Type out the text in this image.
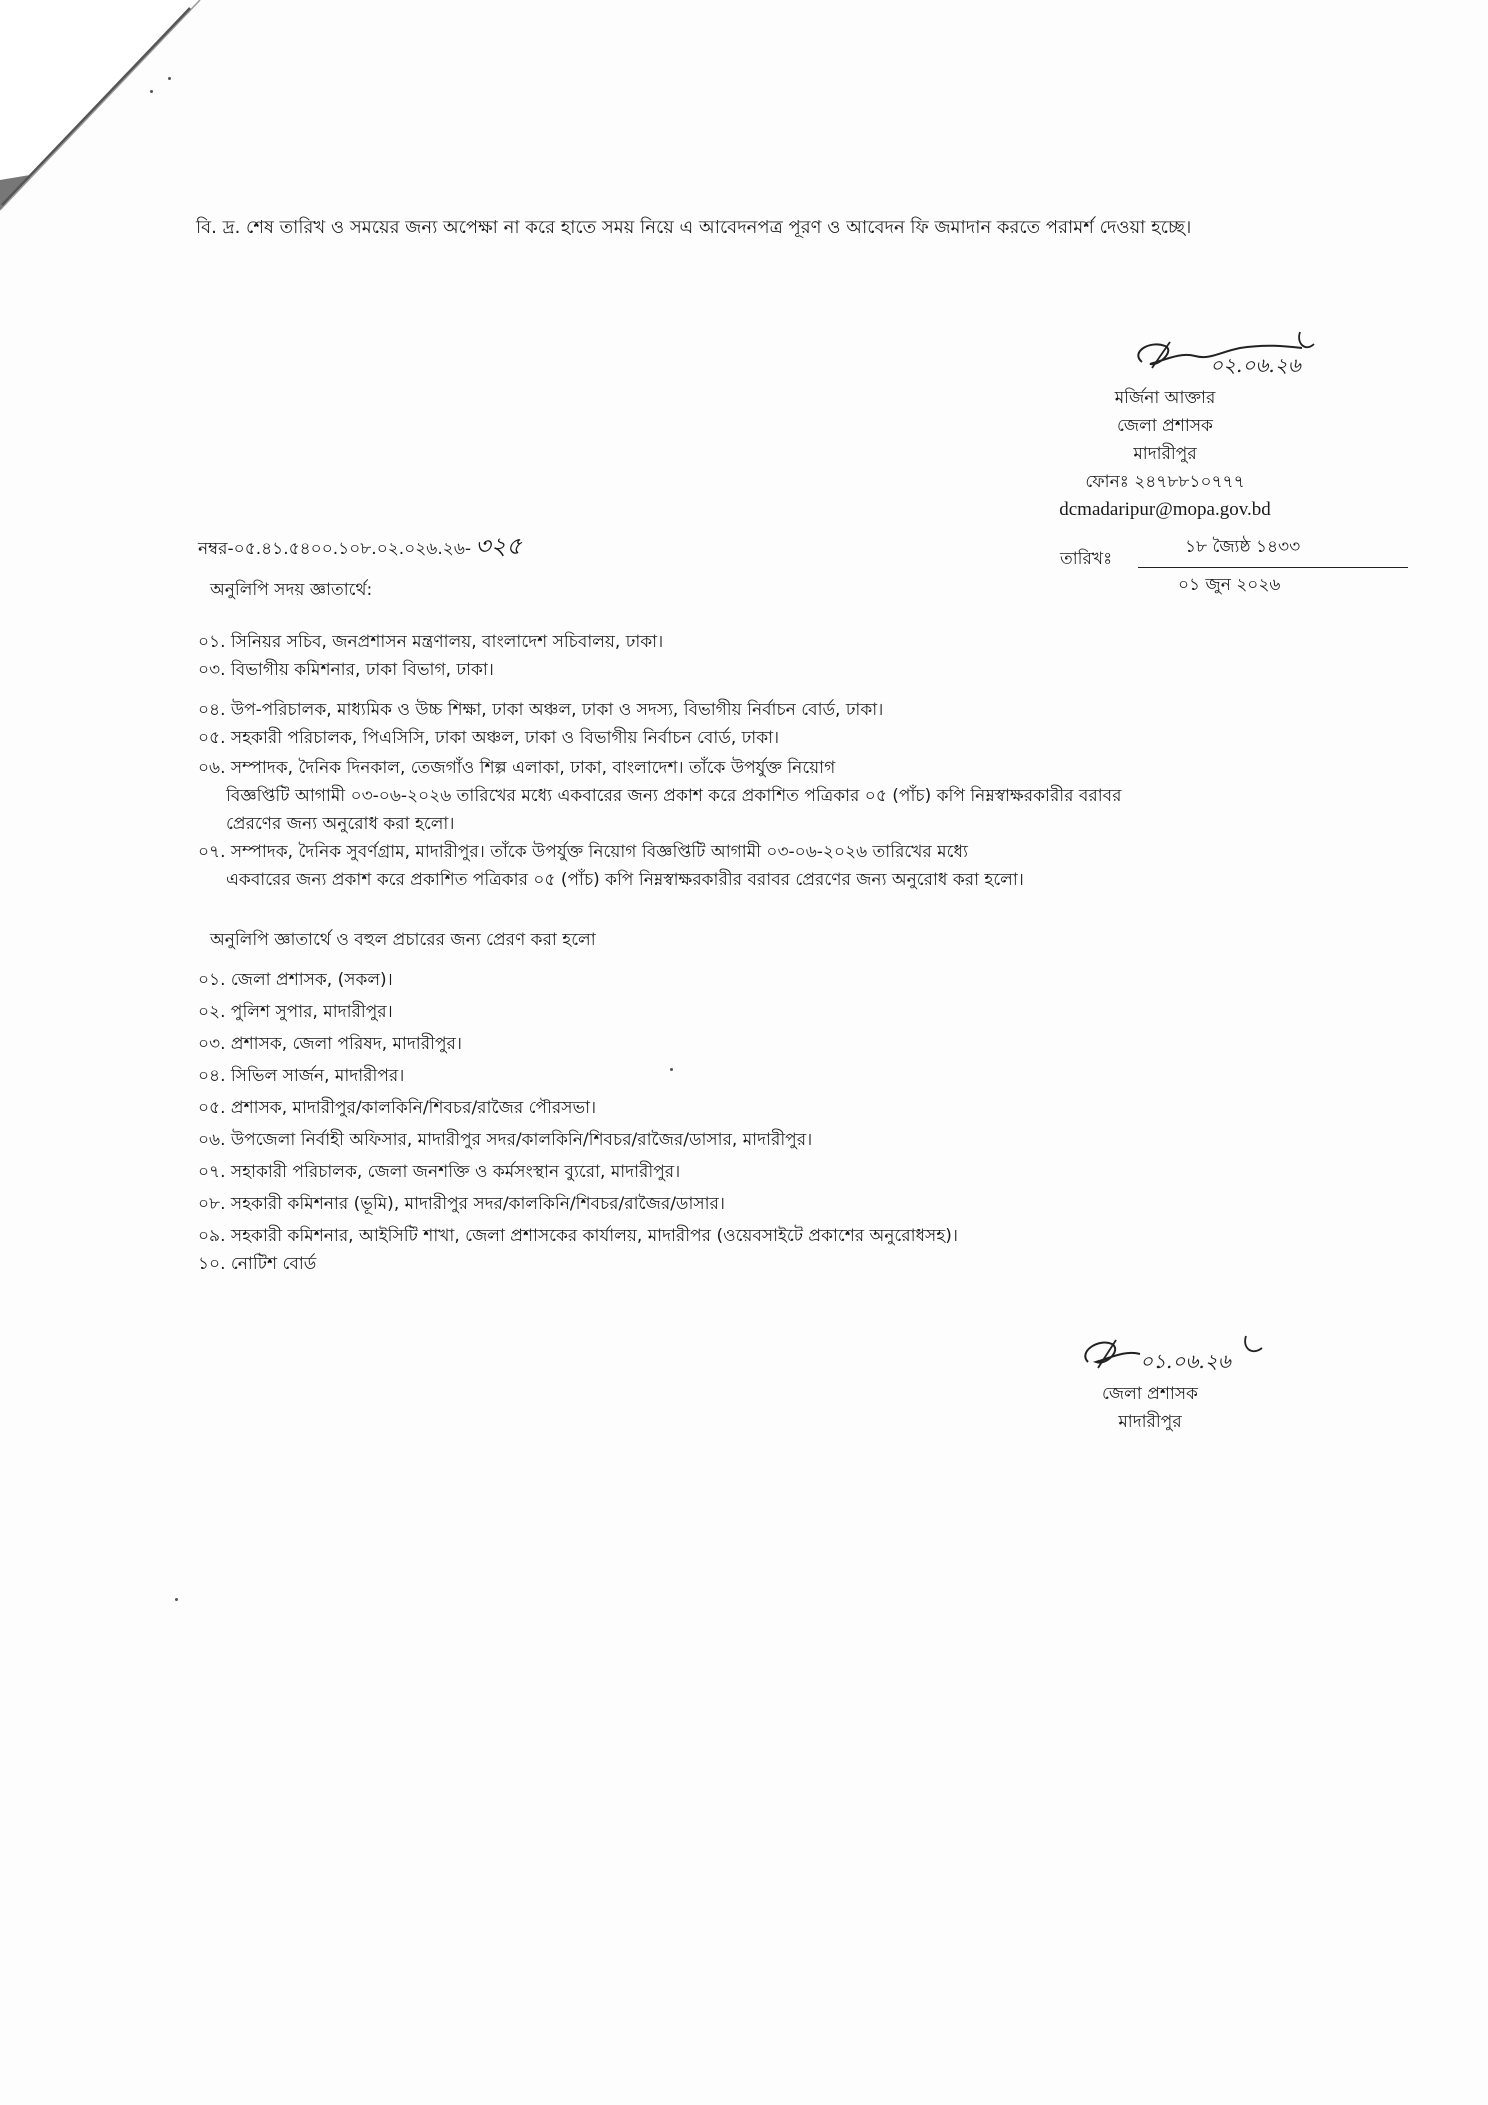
বি. দ্র. শেষ তারিখ ও সময়ের জন্য অপেক্ষা না করে হাতে সময় নিয়ে এ আবেদনপত্র পূরণ ও আবেদন ফি জমাদান করতে পরামর্শ দেওয়া হচ্ছে।
০২.০৬.২৬
মর্জিনা আক্তার
জেলা প্রশাসক
মাদারীপুর
ফোনঃ ২৪৭৮৮১০৭৭৭
dcmadaripur@mopa.gov.bd
নম্বর-০৫.৪১.৫৪০০.১০৮.০২.০২৬.২৬- ৩২৫	তারিখঃ
১৮ জ্যৈষ্ঠ ১৪৩৩
০১ জুন ২০২৬
অনুলিপি সদয় জ্ঞাতার্থে:
০১. সিনিয়র সচিব, জনপ্রশাসন মন্ত্রণালয়, বাংলাদেশ সচিবালয়, ঢাকা।
০৩. বিভাগীয় কমিশনার, ঢাকা বিভাগ, ঢাকা।
০৪. উপ-পরিচালক, মাধ্যমিক ও উচ্চ শিক্ষা, ঢাকা অঞ্চল, ঢাকা ও সদস্য, বিভাগীয় নির্বাচন বোর্ড, ঢাকা।
০৫. সহকারী পরিচালক, পিএসিসি, ঢাকা অঞ্চল, ঢাকা ও বিভাগীয় নির্বাচন বোর্ড, ঢাকা।
০৬. সম্পাদক, দৈনিক দিনকাল, তেজগাঁও শিল্প এলাকা, ঢাকা, বাংলাদেশ। তাঁকে উপর্যুক্ত নিয়োগ
বিজ্ঞপ্তিটি আগামী ০৩-০৬-২০২৬ তারিখের মধ্যে একবারের জন্য প্রকাশ করে প্রকাশিত পত্রিকার ০৫ (পাঁচ) কপি নিম্নস্বাক্ষরকারীর বরাবর
প্রেরণের জন্য অনুরোধ করা হলো।
০৭. সম্পাদক, দৈনিক সুবর্ণগ্রাম, মাদারীপুর। তাঁকে উপর্যুক্ত নিয়োগ বিজ্ঞপ্তিটি আগামী ০৩-০৬-২০২৬ তারিখের মধ্যে
একবারের জন্য প্রকাশ করে প্রকাশিত পত্রিকার ০৫ (পাঁচ) কপি নিম্নস্বাক্ষরকারীর বরাবর প্রেরণের জন্য অনুরোধ করা হলো।
অনুলিপি জ্ঞাতার্থে ও বহুল প্রচারের জন্য প্রেরণ করা হলো
০১. জেলা প্রশাসক, (সকল)।
০২. পুলিশ সুপার, মাদারীপুর।
০৩. প্রশাসক, জেলা পরিষদ, মাদারীপুর।
০৪. সিভিল সার্জন, মাদারীপর।
০৫. প্রশাসক, মাদারীপুর/কালকিনি/শিবচর/রাজৈর পৌরসভা।
০৬. উপজেলা নির্বাহী অফিসার, মাদারীপুর সদর/কালকিনি/শিবচর/রাজৈর/ডাসার, মাদারীপুর।
০৭. সহাকারী পরিচালক, জেলা জনশক্তি ও কর্মসংস্থান ব্যুরো, মাদারীপুর।
০৮. সহকারী কমিশনার (ভূমি), মাদারীপুর সদর/কালকিনি/শিবচর/রাজৈর/ডাসার।
০৯. সহকারী কমিশনার, আইসিটি শাখা, জেলা প্রশাসকের কার্যালয়, মাদারীপর (ওয়েবসাইটে প্রকাশের অনুরোধসহ)।
১০. নোটিশ বোর্ড
০১.০৬.২৬
জেলা প্রশাসক
মাদারীপুর
